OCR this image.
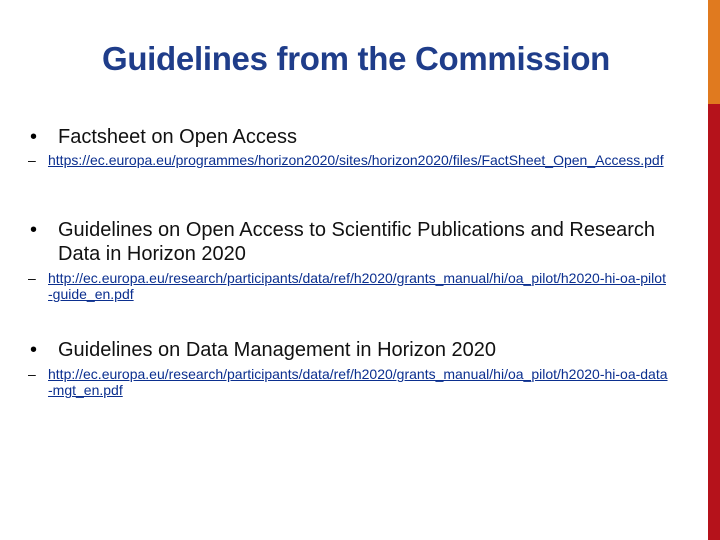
Guidelines from the Commission
• Factsheet on Open Access
– https://ec.europa.eu/programmes/horizon2020/sites/horizon2020/files/FactSheet_Open_Access.pdf
• Guidelines on Open Access to Scientific Publications and Research Data in Horizon 2020
– http://ec.europa.eu/research/participants/data/ref/h2020/grants_manual/hi/oa_pilot/h2020-hi-oa-pilot-guide_en.pdf
• Guidelines on Data Management in Horizon 2020
– http://ec.europa.eu/research/participants/data/ref/h2020/grants_manual/hi/oa_pilot/h2020-hi-oa-data-mgt_en.pdf
